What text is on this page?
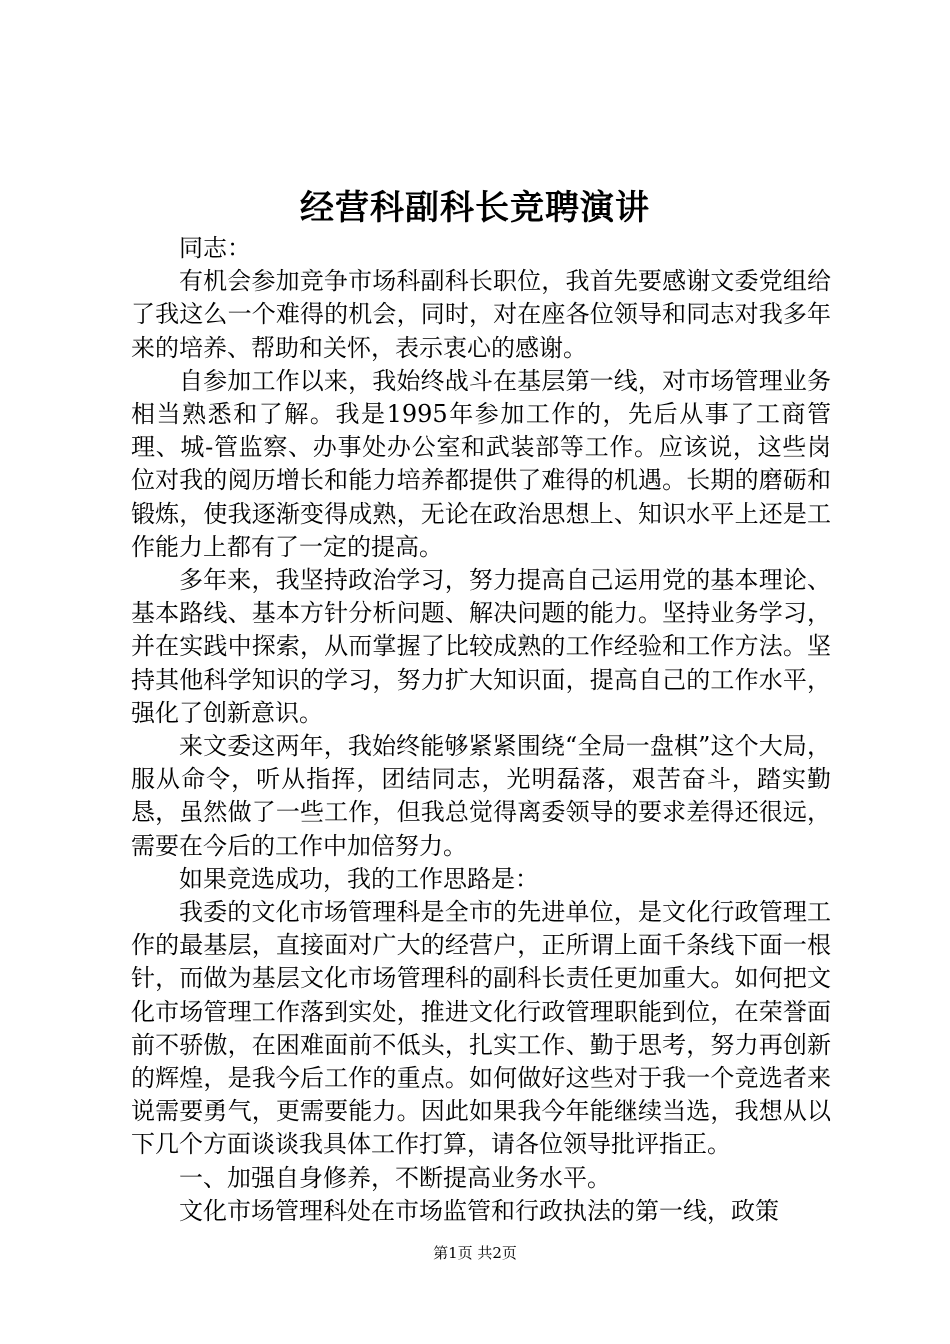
经营科副科长竞聘演讲

同志：

有机会参加竞争市场科副科长职位，我首先要感谢文委党组给了我这么一个难得的机会，同时，对在座各位领导和同志对我多年来的培养、帮助和关怀，表示衷心的感谢。

自参加工作以来，我始终战斗在基层第一线，对市场管理业务相当熟悉和了解。我是1995年参加工作的，先后从事了工商管理、城-管监察、办事处办公室和武装部等工作。应该说，这些岗位对我的阅历增长和能力培养都提供了难得的机遇。长期的磨砺和锻炼，使我逐渐变得成熟，无论在政治思想上、知识水平上还是工作能力上都有了一定的提高。

多年来，我坚持政治学习，努力提高自己运用党的基本理论、基本路线、基本方针分析问题、解决问题的能力。坚持业务学习，并在实践中探索，从而掌握了比较成熟的工作经验和工作方法。坚持其他科学知识的学习，努力扩大知识面，提高自己的工作水平，强化了创新意识。

来文委这两年，我始终能够紧紧围绕“全局一盘棋”这个大局，服从命令，听从指挥，团结同志，光明磊落，艰苦奋斗，踏实勤恳，虽然做了一些工作，但我总觉得离委领导的要求差得还很远，需要在今后的工作中加倍努力。

如果竞选成功，我的工作思路是：

我委的文化市场管理科是全市的先进单位，是文化行政管理工作的最基层，直接面对广大的经营户，正所谓上面千条线下面一根针，而做为基层文化市场管理科的副科长责任更加重大。如何把文化市场管理工作落到实处，推进文化行政管理职能到位，在荣誉面前不骄傲，在困难面前不低头，扎实工作、勤于思考，努力再创新的辉煌，是我今后工作的重点。如何做好这些对于我一个竞选者来说需要勇气，更需要能力。因此如果我今年能继续当选，我想从以下几个方面谈谈我具体工作打算，请各位领导批评指正。

一、加强自身修养，不断提高业务水平。

文化市场管理科处在市场监管和行政执法的第一线，政策

第1页 共2页
